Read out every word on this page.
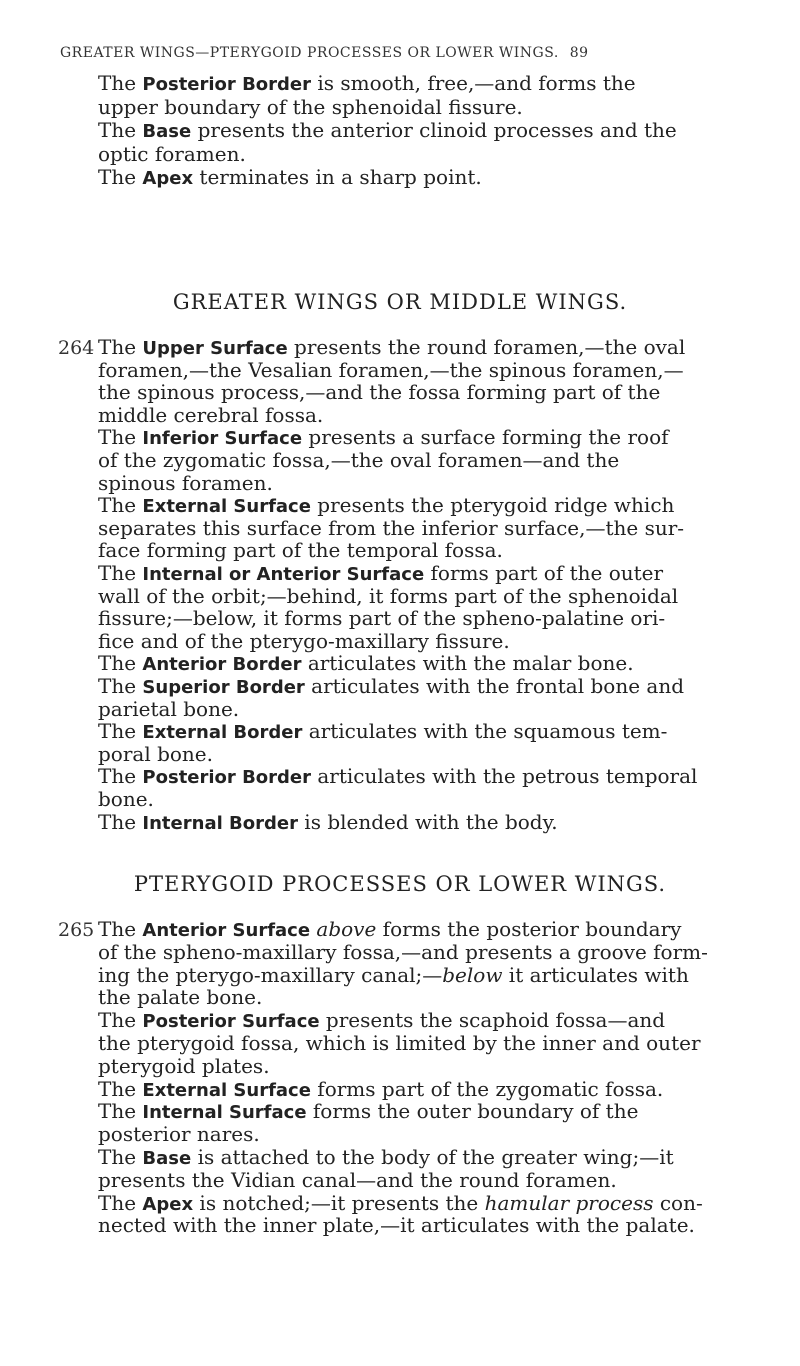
GREATER WINGS—PTERYGOID PROCESSES OR LOWER WINGS. 89
The Posterior Border is smooth, free,—and forms the
upper boundary of the sphenoidal fissure.
The Base presents the anterior clinoid processes and the
optic foramen.
The Apex terminates in a sharp point.
GREATER WINGS OR MIDDLE WINGS.
264 The Upper Surface presents the round foramen,—the oval
foramen,—the Vesalian foramen,—the spinous foramen,—
the spinous process,—and the fossa forming part of the
middle cerebral fossa.
The Inferior Surface presents a surface forming the roof
of the zygomatic fossa,—the oval foramen—and the
spinous foramen.
The External Surface presents the pterygoid ridge which
separates this surface from the inferior surface,—the sur-
face forming part of the temporal fossa.
The Internal or Anterior Surface forms part of the outer
wall of the orbit;—behind, it forms part of the sphenoidal
fissure;—below, it forms part of the spheno-palatine ori-
fice and of the pterygo-maxillary fissure.
The Anterior Border articulates with the malar bone.
The Superior Border articulates with the frontal bone and
parietal bone.
The External Border articulates with the squamous tem-
poral bone.
The Posterior Border articulates with the petrous temporal
bone.
The Internal Border is blended with the body.
PTERYGOID PROCESSES OR LOWER WINGS.
265 The Anterior Surface above forms the posterior boundary
of the spheno-maxillary fossa,—and presents a groove form-
ing the pterygo-maxillary canal;—below it articulates with
the palate bone.
The Posterior Surface presents the scaphoid fossa—and
the pterygoid fossa, which is limited by the inner and outer
pterygoid plates.
The External Surface forms part of the zygomatic fossa.
The Internal Surface forms the outer boundary of the
posterior nares.
The Base is attached to the body of the greater wing;—it
presents the Vidian canal—and the round foramen.
The Apex is notched;—it presents the hamular process con-
nected with the inner plate,—it articulates with the palate.
